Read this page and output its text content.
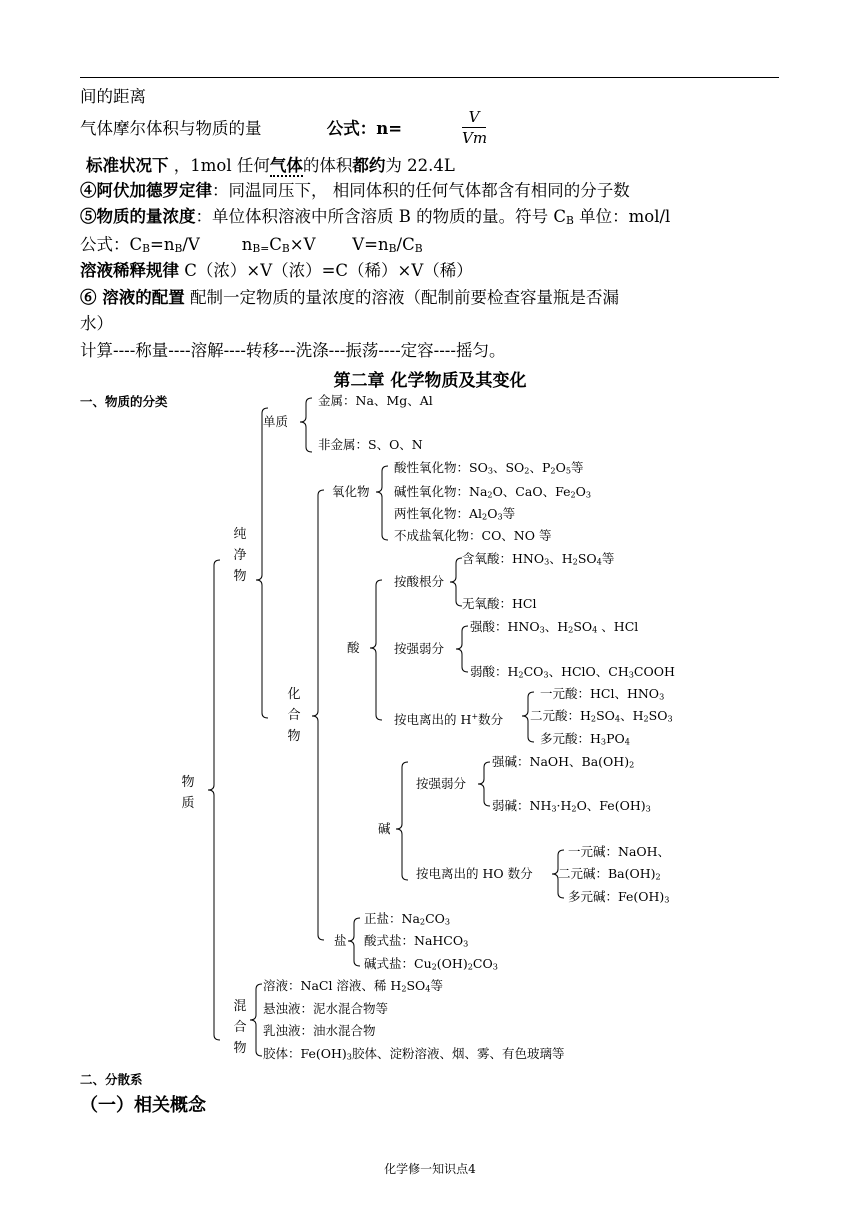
间的距离
气体摩尔体积与物质的量	公式：n=
V
Vm
标准状况下 ，1mol 任何气体的体积都约为 22.4L
④阿伏加德罗定律：同温同压下， 相同体积的任何气体都含有相同的分子数
⑤物质的量浓度：单位体积溶液中所含溶质 B 的物质的量。符号 $C_B$ 单位：mol/l
公式：$C_B=n_B/V$        $n_{B=}C_B\times V$       $V=n_B/C_B$
溶液稀释规律 C（浓）×V（浓）=C（稀）×V（稀）
⑥ 溶液的配置 配制一定物质的量浓度的溶液（配制前要检查容量瓶是否漏
水）
计算----称量----溶解----转移---洗涤---振荡----定容----摇匀。
第二章 化学物质及其变化
一、物质的分类
物
质
纯
净
物
混
合
物
单质
金属：Na、Mg、Al
非金属：S、O、N
化
合
物
氧化物
酸性氧化物：$SO_3$、$SO_2$、$P_2O_5$等
碱性氧化物：$Na_2O$、CaO、$Fe_2O_3$
两性氧化物：$Al_2O_3$等
不成盐氧化物：CO、NO 等
酸
按酸根分
含氧酸：$HNO_3$、$H_2SO_4$等
无氧酸：HCl
按强弱分
强酸：$HNO_3$、$H_2SO_4$ 、HCl
弱酸：$H_2CO_3$、HClO、$CH_3COOH$
按电离出的 H+数分
一元酸：HCl、$HNO_3$
二元酸：$H_2SO_4$、$H_2SO_3$
多元酸：$H_3PO_4$
碱
按强弱分
强碱：NaOH、$Ba(OH)_2$
弱碱：$NH_3\cdot H_2O$、$Fe(OH)_3$
按电离出的 HO 数分
一元碱：NaOH、
二元碱：$Ba(OH)_2$
多元碱：$Fe(OH)_3$
盐
正盐：$Na_2CO_3$
酸式盐：NaHCO$_3$
碱式盐：$Cu_2(OH)_2CO_3$
溶液：NaCl 溶液、稀 $H_2SO_4$等
悬浊液：泥水混合物等
乳浊液：油水混合物
胶体：$Fe(OH)_3$胶体、淀粉溶液、烟、雾、有色玻璃等
二、分散系
（一）相关概念
化学修一知识点4
